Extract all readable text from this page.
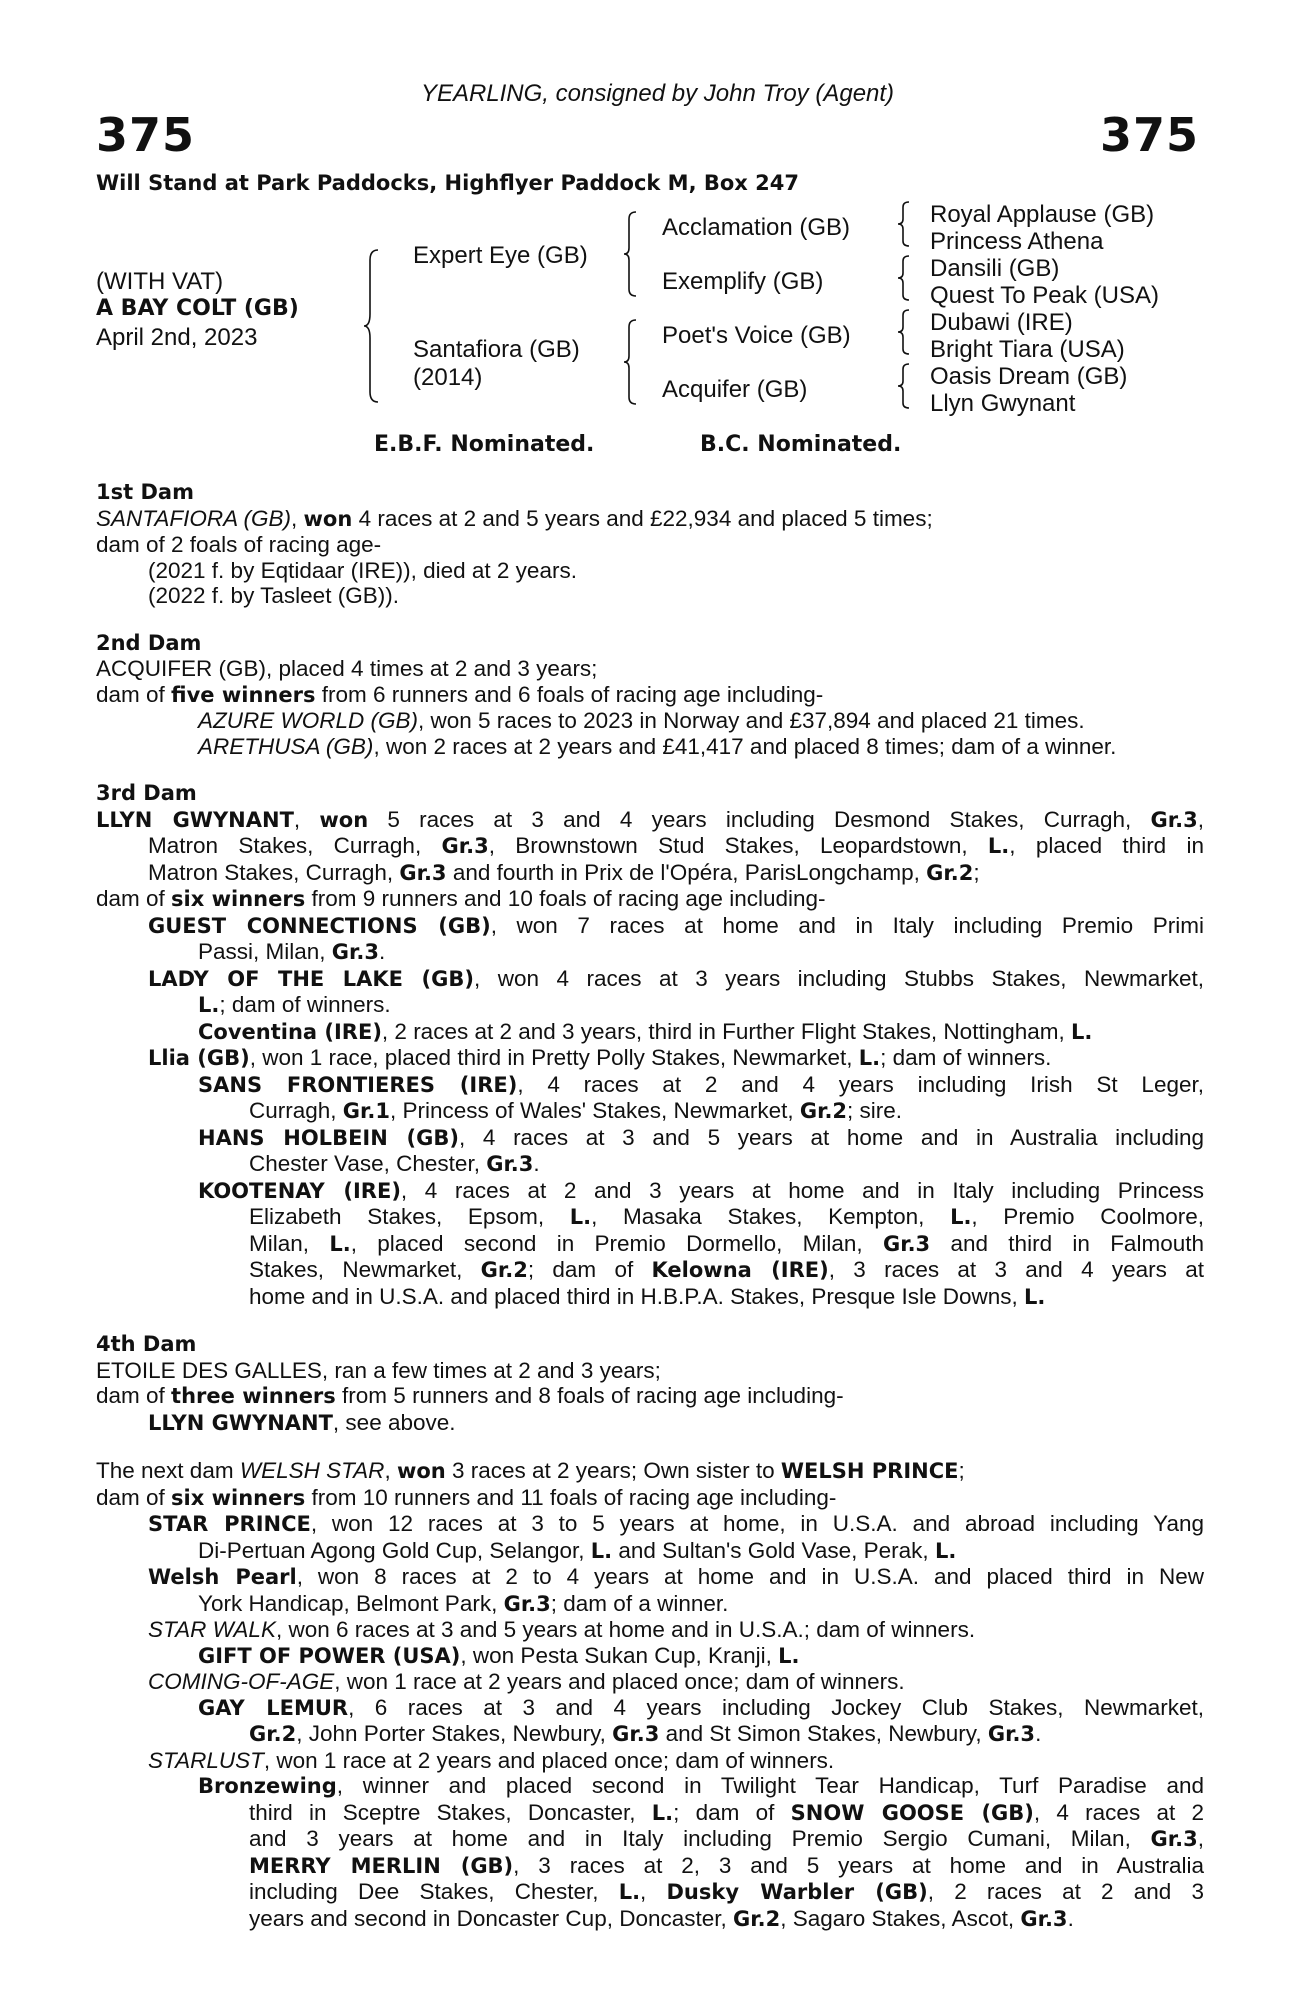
YEARLING, consigned by John Troy (Agent)
375	375
Will Stand at Park Paddocks, Highflyer Paddock M, Box 247
(WITH VAT)
A BAY COLT (GB)
April 2nd, 2023
Expert Eye (GB)
Santafiora (GB)
(2014)
Acclamation (GB)
Exemplify (GB)
Poet's Voice (GB)
Acquifer (GB)
Royal Applause (GB)
Princess Athena
Dansili (GB)
Quest To Peak (USA)
Dubawi (IRE)
Bright Tiara (USA)
Oasis Dream (GB)
Llyn Gwynant
E.B.F. Nominated.	B.C. Nominated.
1st Dam
SANTAFIORA (GB), won 4 races at 2 and 5 years and £22,934 and placed 5 times;
dam of 2 foals of racing age-
(2021 f. by Eqtidaar (IRE)), died at 2 years.
(2022 f. by Tasleet (GB)).
2nd Dam
ACQUIFER (GB), placed 4 times at 2 and 3 years;
dam of five winners from 6 runners and 6 foals of racing age including-
AZURE WORLD (GB), won 5 races to 2023 in Norway and £37,894 and placed 21 times.
ARETHUSA (GB), won 2 races at 2 years and £41,417 and placed 8 times; dam of a winner.
3rd Dam
LLYN GWYNANT, won 5 races at 3 and 4 years including Desmond Stakes, Curragh, Gr.3,
Matron Stakes, Curragh, Gr.3, Brownstown Stud Stakes, Leopardstown, L., placed third in
Matron Stakes, Curragh, Gr.3 and fourth in Prix de l'Opéra, ParisLongchamp, Gr.2;
dam of six winners from 9 runners and 10 foals of racing age including-
GUEST CONNECTIONS (GB), won 7 races at home and in Italy including Premio Primi
Passi, Milan, Gr.3.
LADY OF THE LAKE (GB), won 4 races at 3 years including Stubbs Stakes, Newmarket,
L.; dam of winners.
Coventina (IRE), 2 races at 2 and 3 years, third in Further Flight Stakes, Nottingham, L.
Llia (GB), won 1 race, placed third in Pretty Polly Stakes, Newmarket, L.; dam of winners.
SANS FRONTIERES (IRE), 4 races at 2 and 4 years including Irish St Leger,
Curragh, Gr.1, Princess of Wales' Stakes, Newmarket, Gr.2; sire.
HANS HOLBEIN (GB), 4 races at 3 and 5 years at home and in Australia including
Chester Vase, Chester, Gr.3.
KOOTENAY (IRE), 4 races at 2 and 3 years at home and in Italy including Princess
Elizabeth Stakes, Epsom, L., Masaka Stakes, Kempton, L., Premio Coolmore,
Milan, L., placed second in Premio Dormello, Milan, Gr.3 and third in Falmouth
Stakes, Newmarket, Gr.2; dam of Kelowna (IRE), 3 races at 3 and 4 years at
home and in U.S.A. and placed third in H.B.P.A. Stakes, Presque Isle Downs, L.
4th Dam
ETOILE DES GALLES, ran a few times at 2 and 3 years;
dam of three winners from 5 runners and 8 foals of racing age including-
LLYN GWYNANT, see above.
The next dam WELSH STAR, won 3 races at 2 years; Own sister to WELSH PRINCE;
dam of six winners from 10 runners and 11 foals of racing age including-
STAR PRINCE, won 12 races at 3 to 5 years at home, in U.S.A. and abroad including Yang
Di-Pertuan Agong Gold Cup, Selangor, L. and Sultan's Gold Vase, Perak, L.
Welsh Pearl, won 8 races at 2 to 4 years at home and in U.S.A. and placed third in New
York Handicap, Belmont Park, Gr.3; dam of a winner.
STAR WALK, won 6 races at 3 and 5 years at home and in U.S.A.; dam of winners.
GIFT OF POWER (USA), won Pesta Sukan Cup, Kranji, L.
COMING-OF-AGE, won 1 race at 2 years and placed once; dam of winners.
GAY LEMUR, 6 races at 3 and 4 years including Jockey Club Stakes, Newmarket,
Gr.2, John Porter Stakes, Newbury, Gr.3 and St Simon Stakes, Newbury, Gr.3.
STARLUST, won 1 race at 2 years and placed once; dam of winners.
Bronzewing, winner and placed second in Twilight Tear Handicap, Turf Paradise and
third in Sceptre Stakes, Doncaster, L.; dam of SNOW GOOSE (GB), 4 races at 2
and 3 years at home and in Italy including Premio Sergio Cumani, Milan, Gr.3,
MERRY MERLIN (GB), 3 races at 2, 3 and 5 years at home and in Australia
including Dee Stakes, Chester, L., Dusky Warbler (GB), 2 races at 2 and 3
years and second in Doncaster Cup, Doncaster, Gr.2, Sagaro Stakes, Ascot, Gr.3.
